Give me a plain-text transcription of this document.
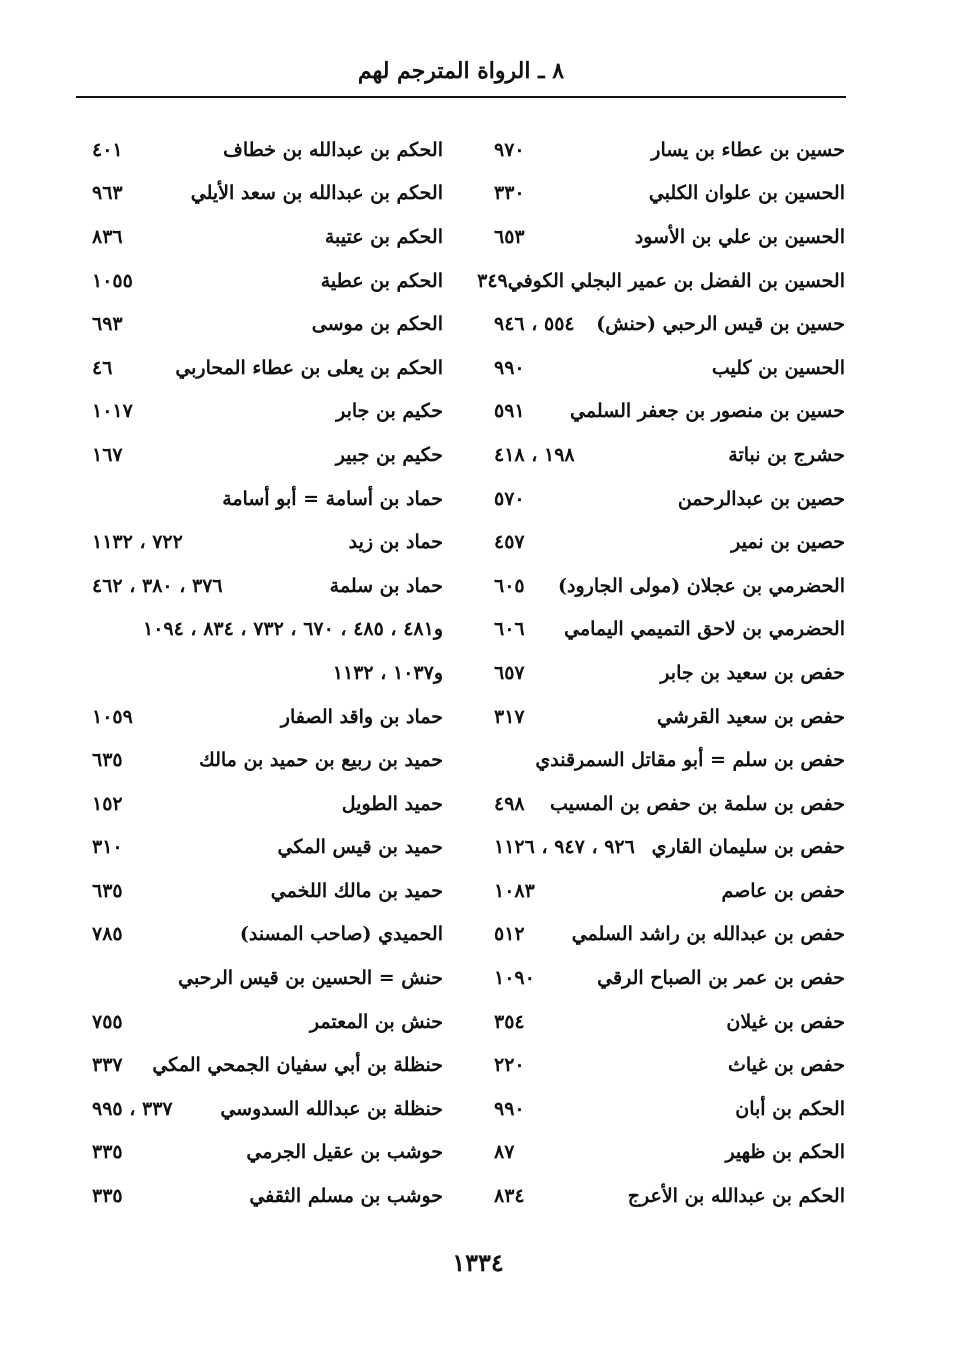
٨ ـ الرواة المترجم لهم
حسين بن عطاء بن يسار
٩٧٠
الحسين بن علوان الكلبي
٣٣٠
الحسين بن علي بن الأسود
٦٥٣
الحسين بن الفضل بن عمير البجلي الكوفي
٣٤٩
حسين بن قيس الرحبي (حنش)
٥٥٤ ، ٩٤٦
الحسين بن كليب
٩٩٠
حسين بن منصور بن جعفر السلمي
٥٩١
حشرج بن نباتة
١٩٨ ، ٤١٨
حصين بن عبدالرحمن
٥٧٠
حصين بن نمير
٤٥٧
الحضرمي بن عجلان (مولى الجارود)
٦٠٥
الحضرمي بن لاحق التميمي اليمامي
٦٠٦
حفص بن سعيد بن جابر
٦٥٧
حفص بن سعيد القرشي
٣١٧
حفص بن سلم = أبو مقاتل السمرقندي
حفص بن سلمة بن حفص بن المسيب
٤٩٨
حفص بن سليمان القاري
٩٢٦ ، ٩٤٧ ، ١١٢٦
حفص بن عاصم
١٠٨٣
حفص بن عبدالله بن راشد السلمي
٥١٢
حفص بن عمر بن الصباح الرقي
١٠٩٠
حفص بن غيلان
٣٥٤
حفص بن غياث
٢٢٠
الحكم بن أبان
٩٩٠
الحكم بن ظهير
٨٧
الحكم بن عبدالله بن الأعرج
٨٣٤
الحكم بن عبدالله بن خطاف
٤٠١
الحكم بن عبدالله بن سعد الأيلي
٩٦٣
الحكم بن عتيبة
٨٣٦
الحكم بن عطية
١٠٥٥
الحكم بن موسى
٦٩٣
الحكم بن يعلى بن عطاء المحاربي
٤٦
حكيم بن جابر
١٠١٧
حكيم بن جبير
١٦٧
حماد بن أسامة = أبو أسامة
حماد بن زيد
٧٢٢ ، ١١٣٢
حماد بن سلمة
٣٧٦ ، ٣٨٠ ، ٤٦٢
و٤٨١ ، ٤٨٥ ، ٦٧٠ ، ٧٣٢ ، ٨٣٤ ، ١٠٩٤
و١٠٣٧ ، ١١٣٢
حماد بن واقد الصفار
١٠٥٩
حميد بن ربيع بن حميد بن مالك
٦٣٥
حميد الطويل
١٥٢
حميد بن قيس المكي
٣١٠
حميد بن مالك اللخمي
٦٣٥
الحميدي (صاحب المسند)
٧٨٥
حنش = الحسين بن قيس الرحبي
حنش بن المعتمر
٧٥٥
حنظلة بن أبي سفيان الجمحي المكي
٣٣٧
حنظلة بن عبدالله السدوسي
٣٣٧ ، ٩٩٥
حوشب بن عقيل الجرمي
٣٣٥
حوشب بن مسلم الثقفي
٣٣٥
١٣٣٤
